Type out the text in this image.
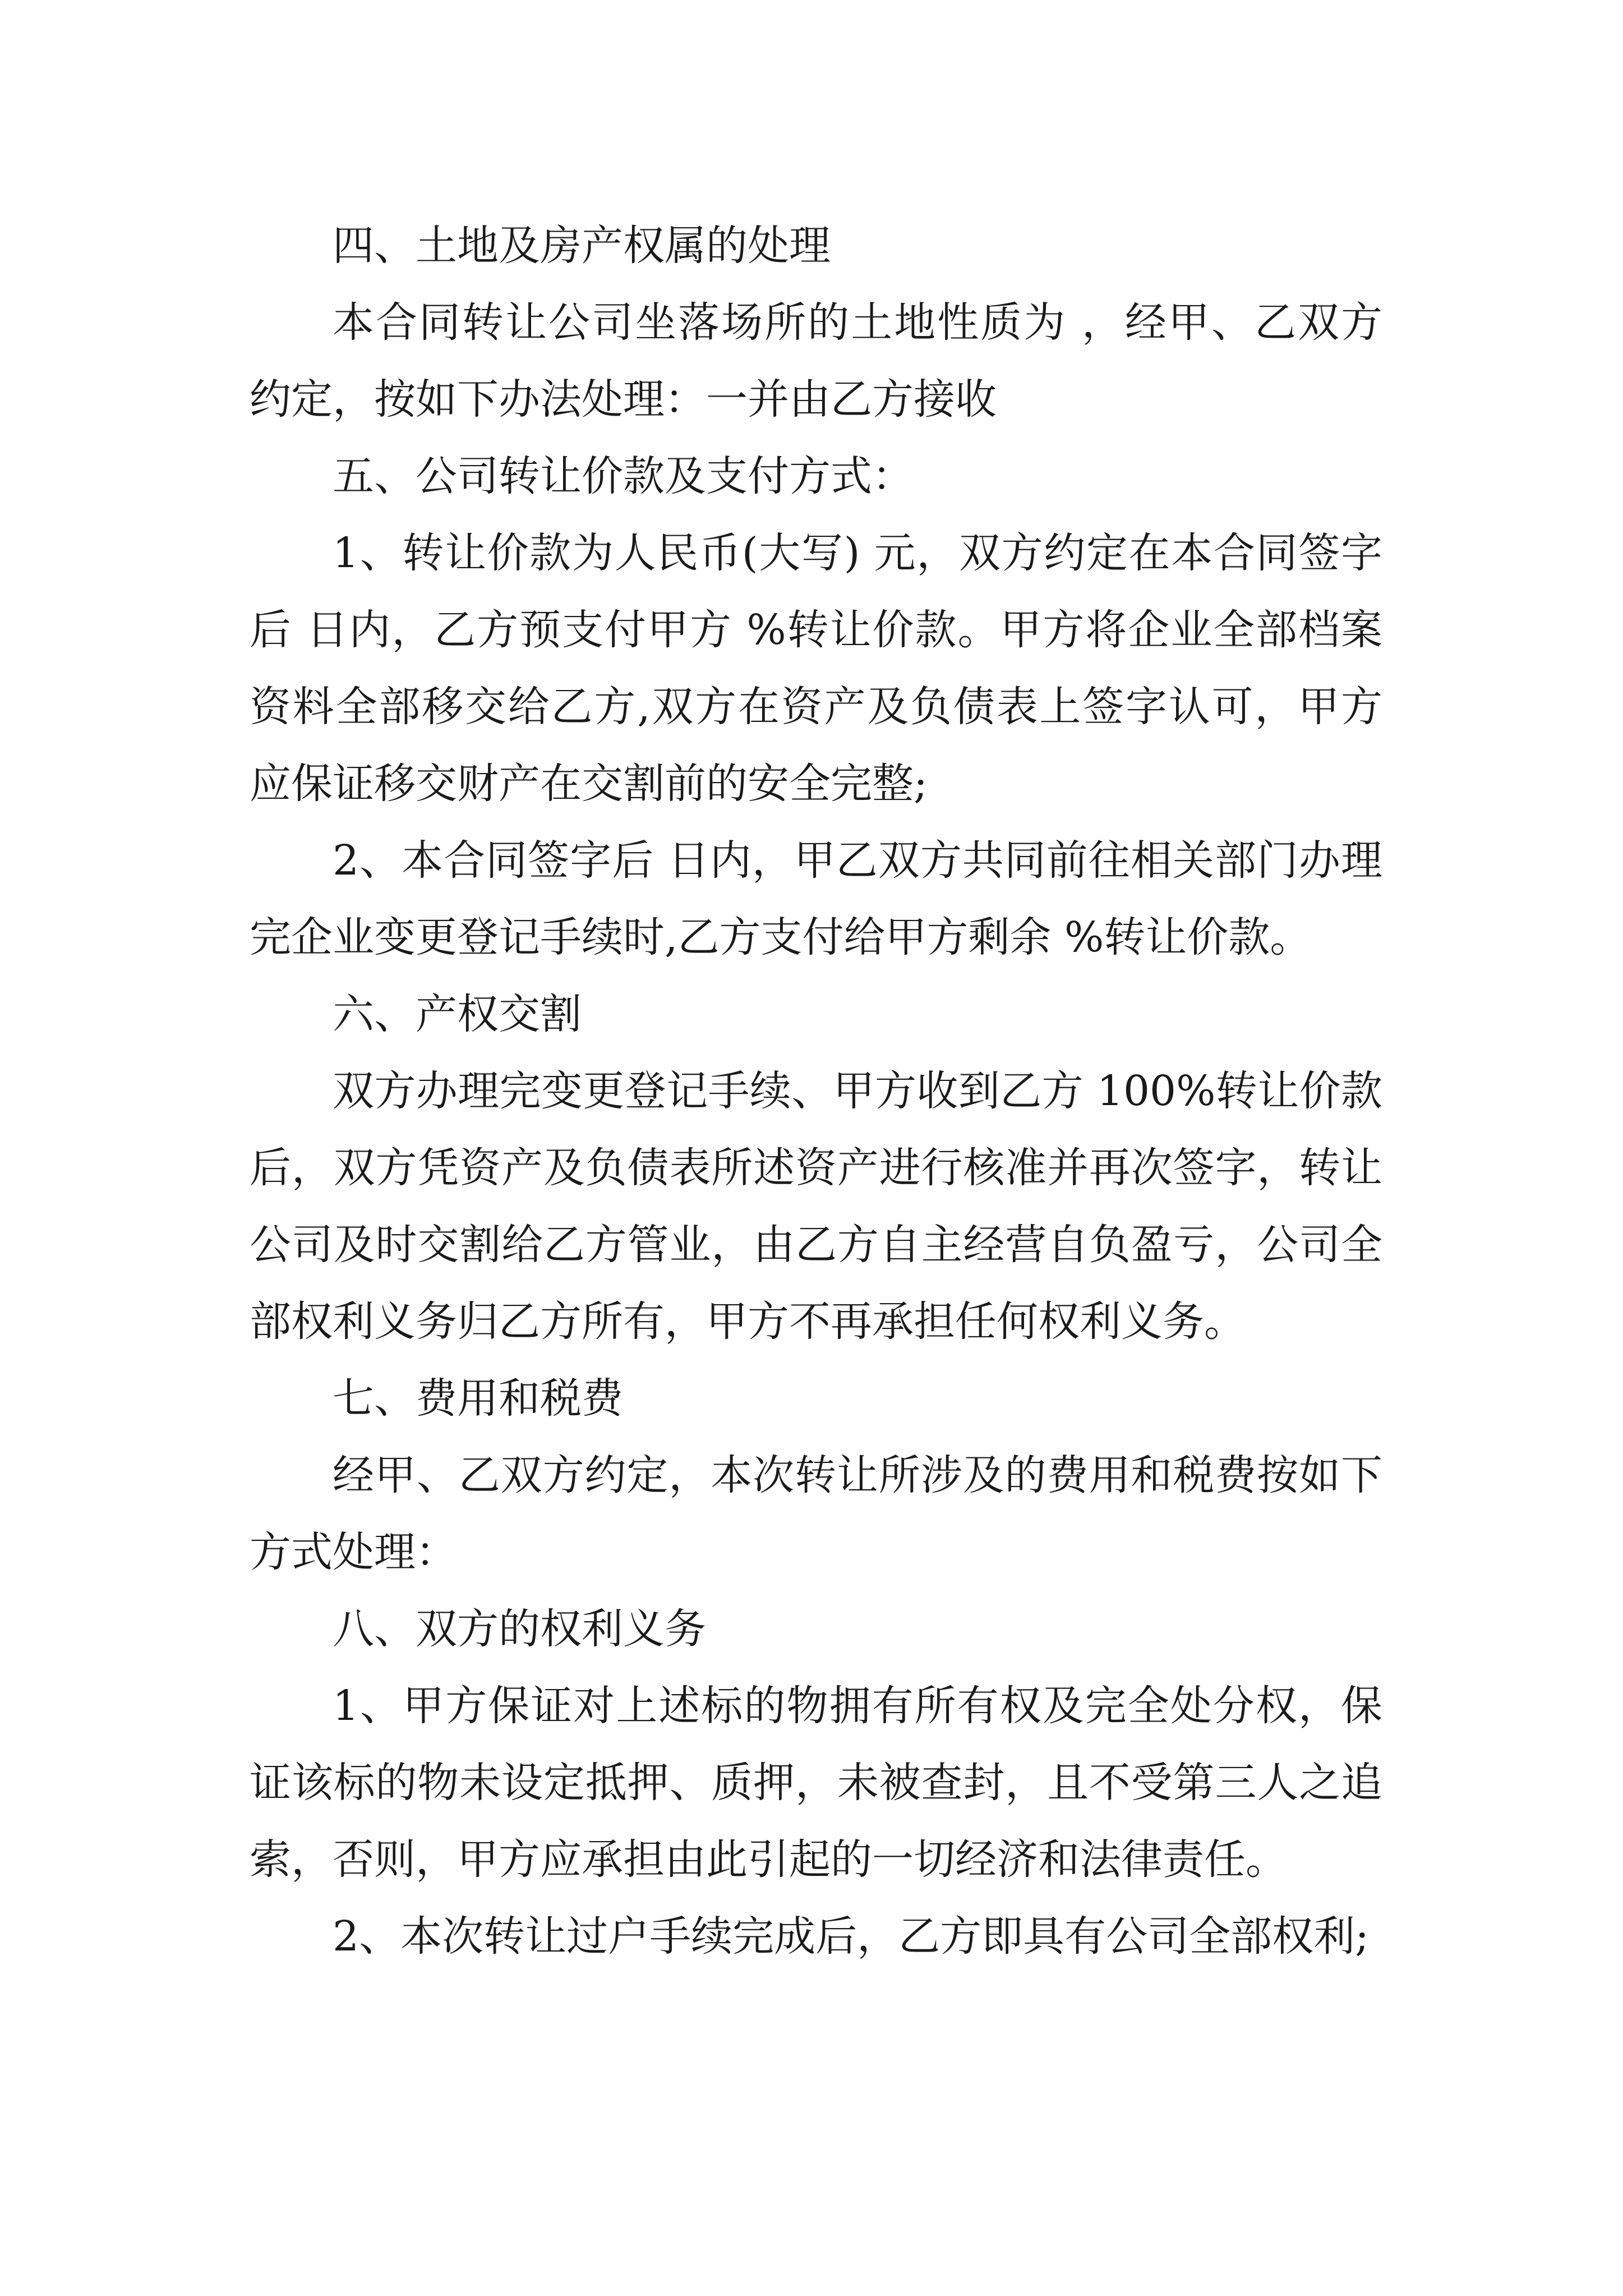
四、土地及房产权属的处理

本合同转让公司坐落场所的土地性质为 ，经甲、乙双方约定，按如下办法处理：一并由乙方接收

五、公司转让价款及支付方式：

1、转让价款为人民币(大写) 元，双方约定在本合同签字后 日内，乙方预支付甲方 %转让价款。甲方将企业全部档案资料全部移交给乙方,双方在资产及负债表上签字认可，甲方应保证移交财产在交割前的安全完整;

2、本合同签字后 日内，甲乙双方共同前往相关部门办理完企业变更登记手续时,乙方支付给甲方剩余 %转让价款。

六、产权交割

双方办理完变更登记手续、甲方收到乙方 100%转让价款后，双方凭资产及负债表所述资产进行核准并再次签字，转让公司及时交割给乙方管业，由乙方自主经营自负盈亏，公司全部权利义务归乙方所有，甲方不再承担任何权利义务。

七、费用和税费

经甲、乙双方约定，本次转让所涉及的费用和税费按如下方式处理：

八、双方的权利义务

1、甲方保证对上述标的物拥有所有权及完全处分权，保证该标的物未设定抵押、质押，未被查封，且不受第三人之追索，否则，甲方应承担由此引起的一切经济和法律责任。

2、本次转让过户手续完成后，乙方即具有公司全部权利;
